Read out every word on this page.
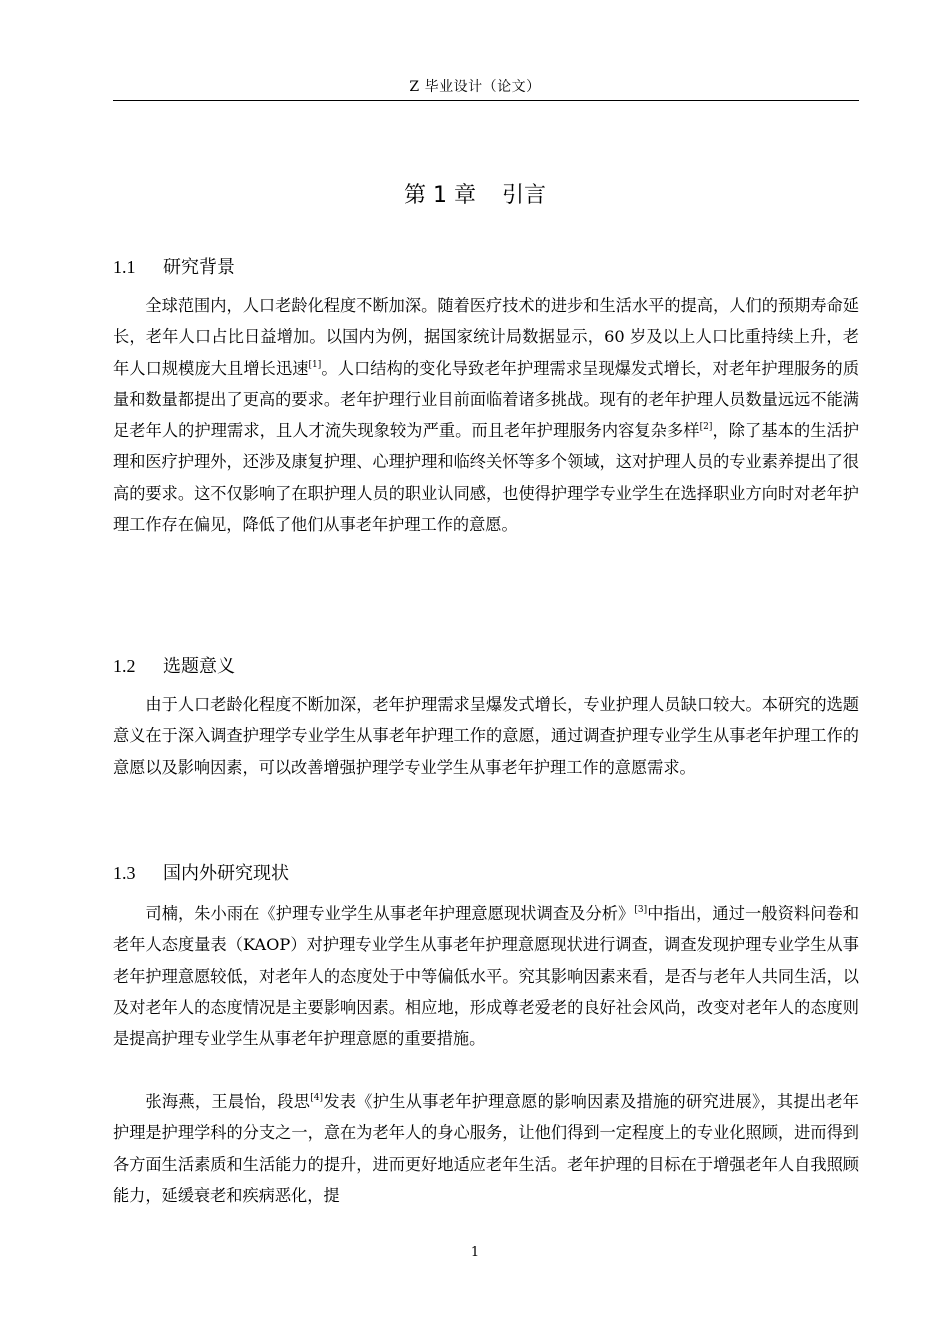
Z 毕业设计（论文）
第 1 章 引言
1.1 研究背景

全球范围内，人口老龄化程度不断加深。随着医疗技术的进步和生活水平的提高，人们的预期寿命延长，老年人口占比日益增加。以国内为例，据国家统计局数据显示，60 岁及以上人口比重持续上升，老年人口规模庞大且增长迅速[1]。人口结构的变化导致老年护理需求呈现爆发式增长，对老年护理服务的质量和数量都提出了更高的要求。老年护理行业目前面临着诸多挑战。现有的老年护理人员数量远远不能满足老年人的护理需求，且人才流失现象较为严重。而且老年护理服务内容复杂多样[2]，除了基本的生活护理和医疗护理外，还涉及康复护理、心理护理和临终关怀等多个领域，这对护理人员的专业素养提出了很高的要求。这不仅影响了在职护理人员的职业认同感，也使得护理学专业学生在选择职业方向时对老年护理工作存在偏见，降低了他们从事老年护理工作的意愿。

1.2 选题意义

由于人口老龄化程度不断加深，老年护理需求呈爆发式增长，专业护理人员缺口较大。本研究的选题意义在于深入调查护理学专业学生从事老年护理工作的意愿，通过调查护理专业学生从事老年护理工作的意愿以及影响因素，可以改善增强护理学专业学生从事老年护理工作的意愿需求。

1.3 国内外研究现状

司楠，朱小雨在《护理专业学生从事老年护理意愿现状调查及分析》[3]中指出，通过一般资料问卷和老年人态度量表（KAOP）对护理专业学生从事老年护理意愿现状进行调查，调查发现护理专业学生从事老年护理意愿较低，对老年人的态度处于中等偏低水平。究其影响因素来看，是否与老年人共同生活，以及对老年人的态度情况是主要影响因素。相应地，形成尊老爱老的良好社会风尚，改变对老年人的态度则是提高护理专业学生从事老年护理意愿的重要措施。

张海燕，王晨怡，段思[4]发表《护生从事老年护理意愿的影响因素及措施的研究进展》，其提出老年护理是护理学科的分支之一，意在为老年人的身心服务，让他们得到一定程度上的专业化照顾，进而得到各方面生活素质和生活能力的提升，进而更好地适应老年生活。老年护理的目标在于增强老年人自我照顾能力，延缓衰老和疾病恶化，提

1
